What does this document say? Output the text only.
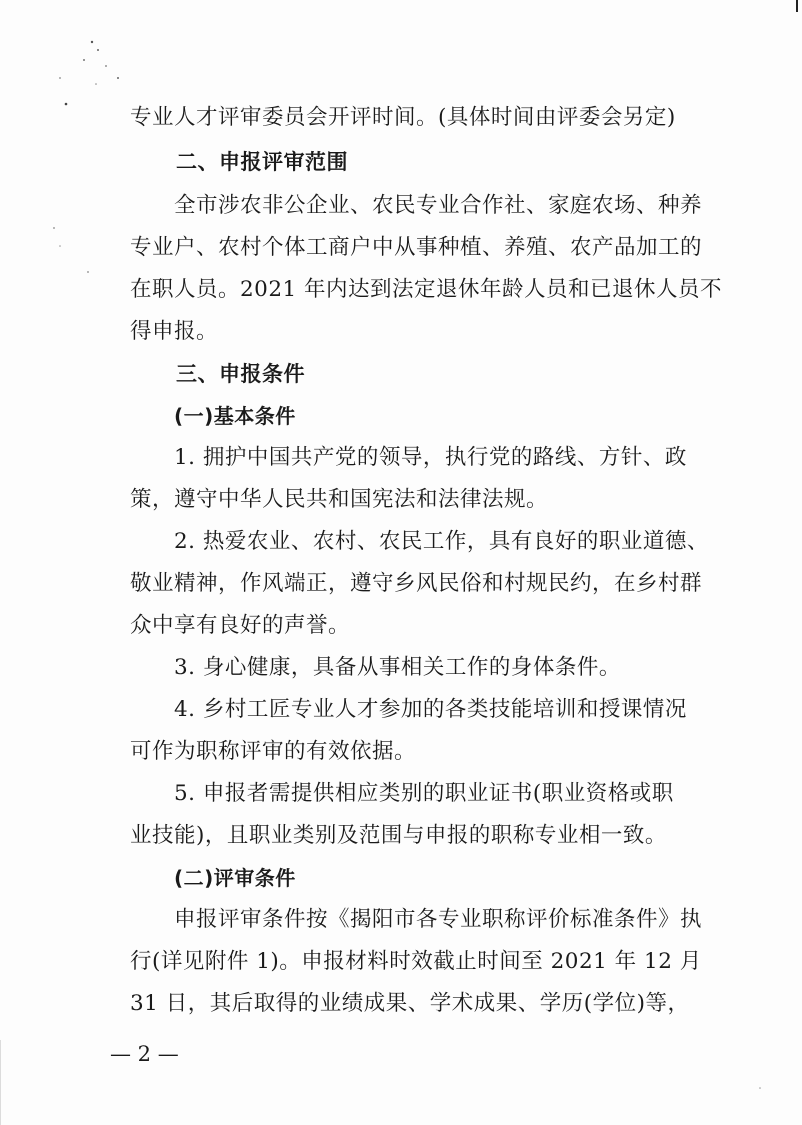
专业人才评审委员会开评时间。(具体时间由评委会另定)
二、申报评审范围
全市涉农非公企业、农民专业合作社、家庭农场、种养
专业户、农村个体工商户中从事种植、养殖、农产品加工的
在职人员。2021 年内达到法定退休年龄人员和已退休人员不
得申报。
三、申报条件
(一)基本条件
1. 拥护中国共产党的领导，执行党的路线、方针、政
策，遵守中华人民共和国宪法和法律法规。
2. 热爱农业、农村、农民工作，具有良好的职业道德、
敬业精神，作风端正，遵守乡风民俗和村规民约，在乡村群
众中享有良好的声誉。
3. 身心健康，具备从事相关工作的身体条件。
4. 乡村工匠专业人才参加的各类技能培训和授课情况
可作为职称评审的有效依据。
5. 申报者需提供相应类别的职业证书(职业资格或职
业技能)，且职业类别及范围与申报的职称专业相一致。
(二)评审条件
申报评审条件按《揭阳市各专业职称评价标准条件》执
行(详见附件 1)。申报材料时效截止时间至 2021 年 12 月
31 日，其后取得的业绩成果、学术成果、学历(学位)等，
— 2 —
